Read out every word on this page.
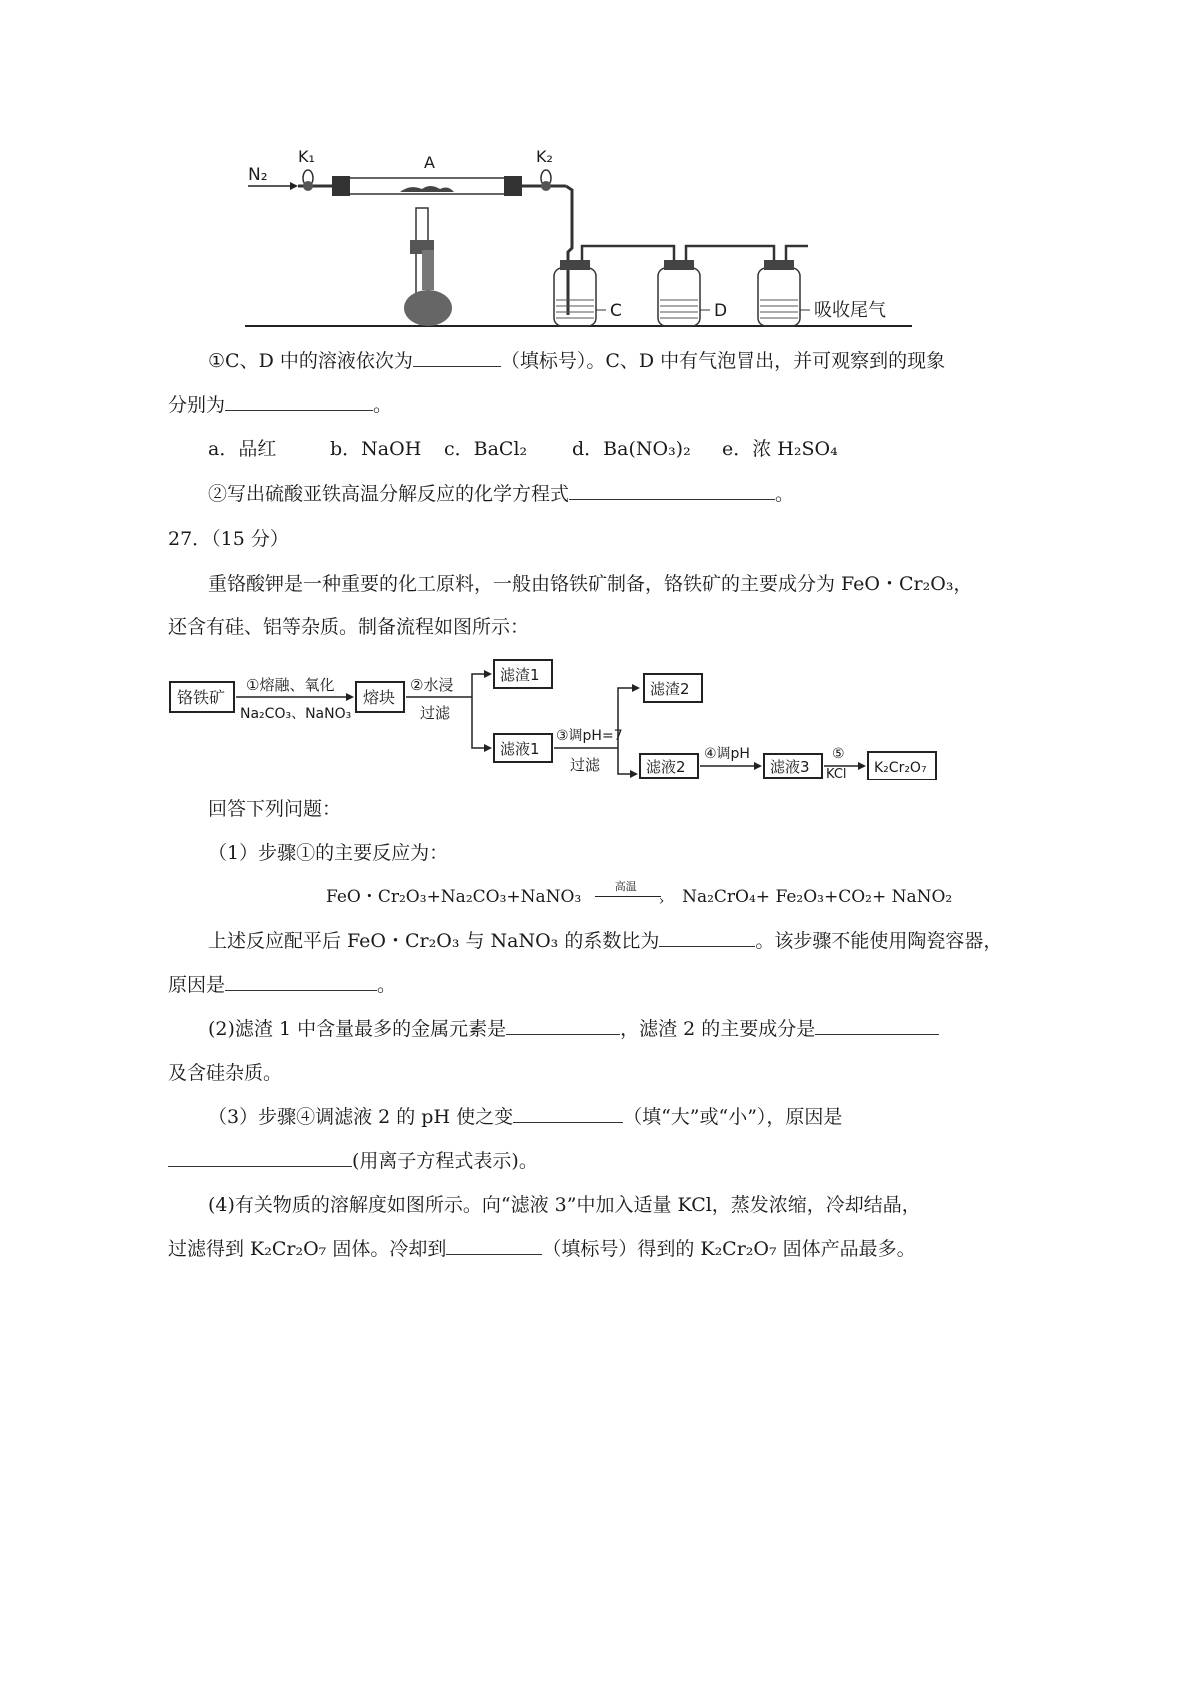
N₂
K₁	A	K₂
C	D	吸收尾气
①C、D 中的溶液依次为	（填标号）。C、D 中有气泡冒出，并可观察到的现象
分别为	。
a．品红	b．NaOH c．BaCl₂ d．Ba(NO₃)₂ e．浓 H₂SO₄
②写出硫酸亚铁高温分解反应的化学方程式	。
27．（15 分）
重铬酸钾是一种重要的化工原料，一般由铬铁矿制备，铬铁矿的主要成分为 FeO・Cr₂O₃，
还含有硅、铝等杂质。制备流程如图所示：
铬铁矿
①熔融、氧化
Na₂CO₃、NaNO₃
熔块
②水浸
过滤
滤渣1
滤液1
③调pH=7
过滤
滤渣2
滤液2
④调pH
滤液3
⑤
KCl K₂Cr₂O₇
回答下列问题：
（1）步骤①的主要反应为：
FeO・Cr₂O₃+Na₂CO₃+NaNO₃
高温
› Na₂CrO₄+ Fe₂O₃+CO₂+ NaNO₂
上述反应配平后 FeO・Cr₂O₃ 与 NaNO₃ 的系数比为	。该步骤不能使用陶瓷容器，
原因是	。
(2)滤渣 1 中含量最多的金属元素是	，滤渣 2 的主要成分是
及含硅杂质。
（3）步骤④调滤液 2 的 pH 使之变	（填“大”或“小”），原因是
(用离子方程式表示)。
(4)有关物质的溶解度如图所示。向“滤液 3”中加入适量 KCl，蒸发浓缩，冷却结晶，
过滤得到 K₂Cr₂O₇ 固体。冷却到	（填标号）得到的 K₂Cr₂O₇ 固体产品最多。
